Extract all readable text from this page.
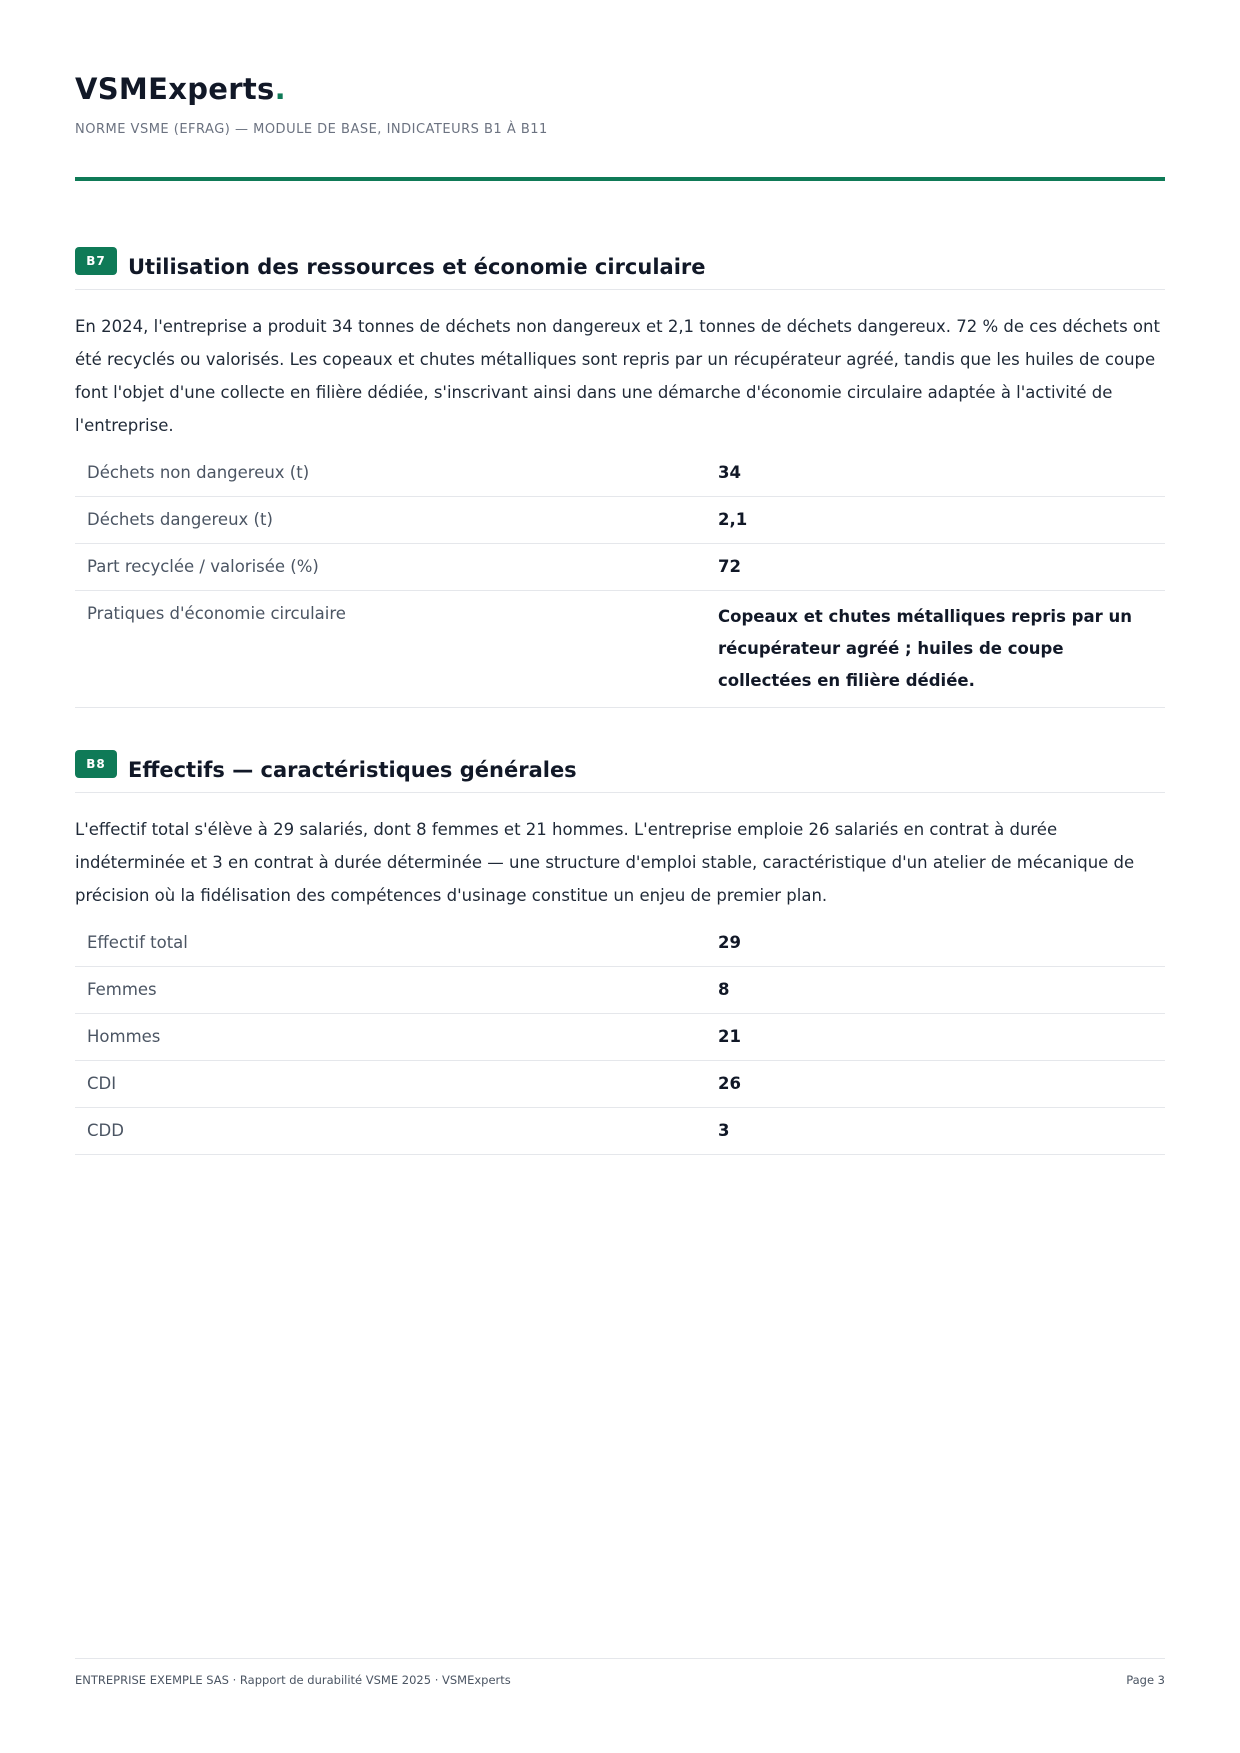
VSMExperts.
NORME VSME (EFRAG) — MODULE DE BASE, INDICATEURS B1 À B11
B7	Utilisation des ressources et économie circulaire

En 2024, l'entreprise a produit 34 tonnes de déchets non dangereux et 2,1 tonnes de déchets dangereux. 72 % de ces déchets ont été recyclés ou valorisés. Les copeaux et chutes métalliques sont repris par un récupérateur agréé, tandis que les huiles de coupe font l'objet d'une collecte en filière dédiée, s'inscrivant ainsi dans une démarche d'économie circulaire adaptée à l'activité de l'entreprise.

Déchets non dangereux (t)	34
Déchets dangereux (t)	2,1
Part recyclée / valorisée (%)	72
Pratiques d'économie circulaire	Copeaux et chutes métalliques repris par un récupérateur agréé ; huiles de coupe collectées en filière dédiée.
B8	Effectifs — caractéristiques générales

L'effectif total s'élève à 29 salariés, dont 8 femmes et 21 hommes. L'entreprise emploie 26 salariés en contrat à durée indéterminée et 3 en contrat à durée déterminée — une structure d'emploi stable, caractéristique d'un atelier de mécanique de précision où la fidélisation des compétences d'usinage constitue un enjeu de premier plan.

Effectif total	29
Femmes	8
Hommes	21
CDI	26
CDD	3
ENTREPRISE EXEMPLE SAS · Rapport de durabilité VSME 2025 · VSMExperts	Page 3
